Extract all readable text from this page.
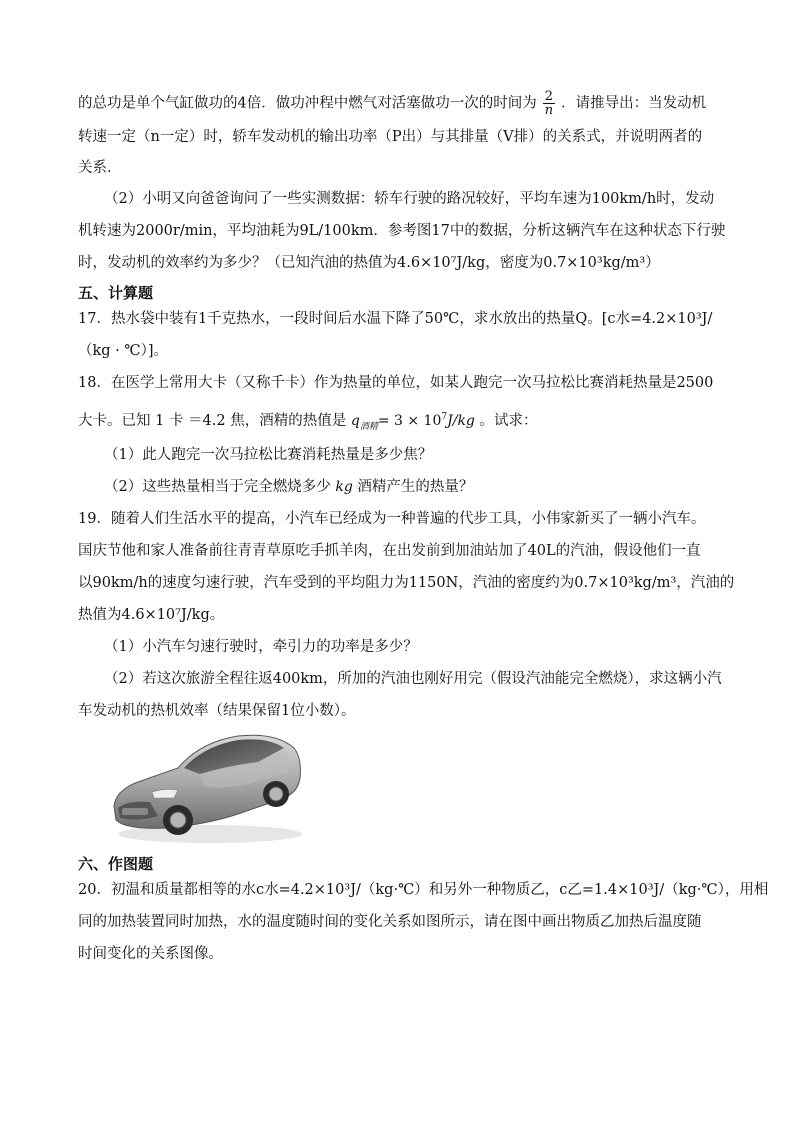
的总功是单个气缸做功的4倍．做功冲程中燃气对活塞做功一次的时间为 $\frac{2}{n}$ ．请推导出：当发动机
转速一定（n一定）时，轿车发动机的输出功率（P出）与其排量（V排）的关系式，并说明两者的
关系．
（2）小明又向爸爸询问了一些实测数据：轿车行驶的路况较好，平均车速为100km/h时，发动
机转速为2000r/min，平均油耗为9L/100km．参考图17中的数据，分析这辆汽车在这种状态下行驶
时，发动机的效率约为多少？（已知汽油的热值为4.6×10⁷J/kg，密度为0.7×10³kg/m³）
五、计算题
17．热水袋中装有1千克热水，一段时间后水温下降了50℃，求水放出的热量Q。[c水=4.2×10³J/
（kg · ℃）]。
18．在医学上常用大卡（又称千卡）作为热量的单位，如某人跑完一次马拉松比赛消耗热量是2500
大卡。已知 1 卡 ＝4.2 焦，酒精的热值是 $q_{酒精}= 3 \times 10^7J/kg$ 。试求：
（1）此人跑完一次马拉松比赛消耗热量是多少焦？
（2）这些热量相当于完全燃烧多少 kg 酒精产生的热量？
19．随着人们生活水平的提高，小汽车已经成为一种普遍的代步工具，小伟家新买了一辆小汽车。
国庆节他和家人准备前往青青草原吃手抓羊肉，在出发前到加油站加了40L的汽油，假设他们一直
以90km/h的速度匀速行驶，汽车受到的平均阻力为1150N，汽油的密度约为0.7×10³kg/m³，汽油的
热值为4.6×10⁷J/kg。
（1）小汽车匀速行驶时，牵引力的功率是多少？
（2）若这次旅游全程往返400km，所加的汽油也刚好用完（假设汽油能完全燃烧），求这辆小汽
车发动机的热机效率（结果保留1位小数）。
六、作图题
20．初温和质量都相等的水c水=4.2×10³J/（kg·℃）和另外一种物质乙，c乙=1.4×10³J/（kg·℃），用相
同的加热装置同时加热，水的温度随时间的变化关系如图所示，请在图中画出物质乙加热后温度随
时间变化的关系图像。
